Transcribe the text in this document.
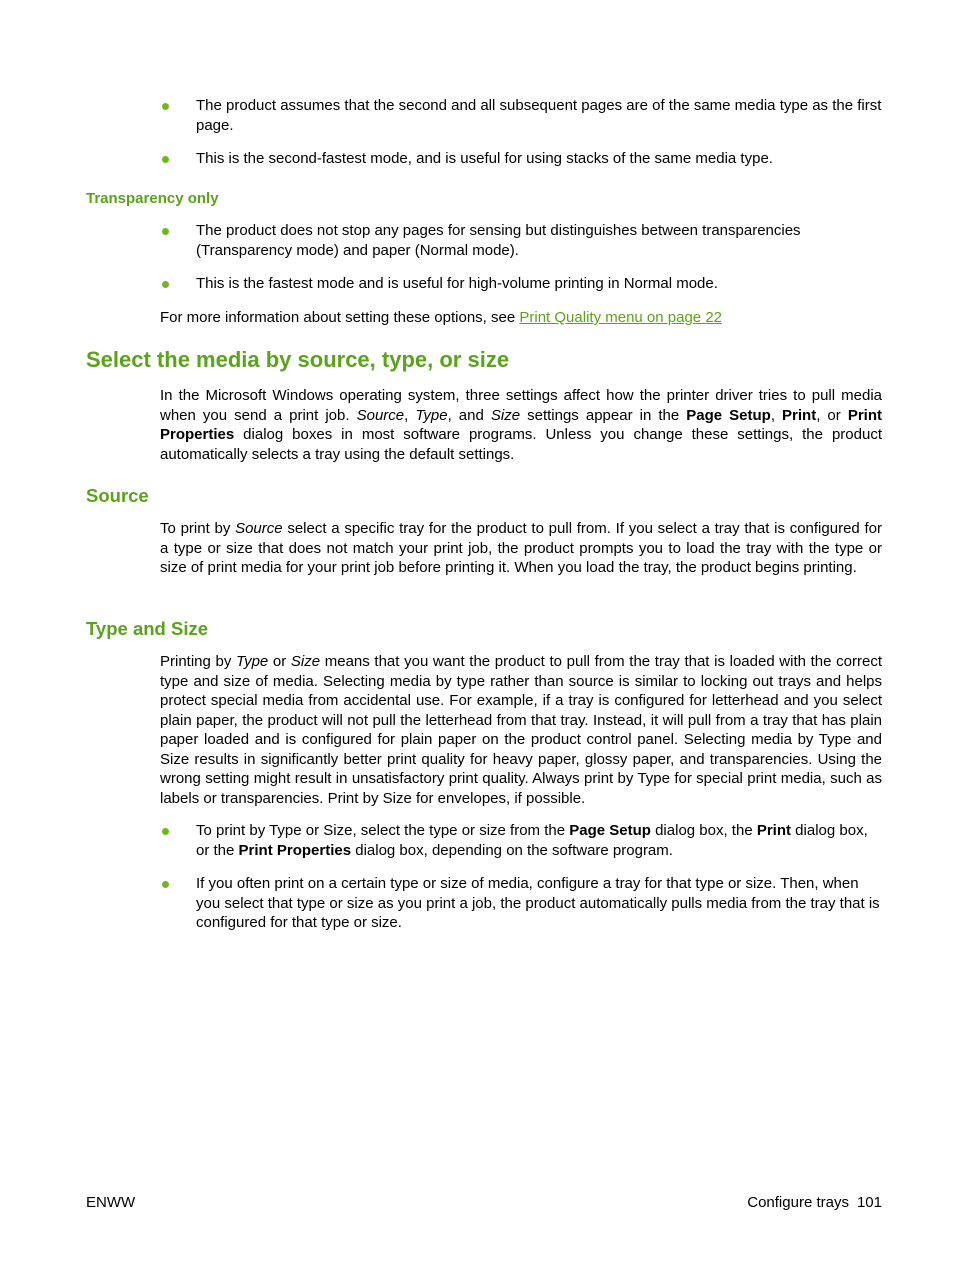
The product assumes that the second and all subsequent pages are of the same media type as the first page.
This is the second-fastest mode, and is useful for using stacks of the same media type.
Transparency only
The product does not stop any pages for sensing but distinguishes between transparencies (Transparency mode) and paper (Normal mode).
This is the fastest mode and is useful for high-volume printing in Normal mode.

For more information about setting these options, see Print Quality menu on page 22

Select the media by source, type, or size

In the Microsoft Windows operating system, three settings affect how the printer driver tries to pull media when you send a print job. Source, Type, and Size settings appear in the Page Setup, Print, or Print Properties dialog boxes in most software programs. Unless you change these settings, the product automatically selects a tray using the default settings.

Source

To print by Source select a specific tray for the product to pull from. If you select a tray that is configured for a type or size that does not match your print job, the product prompts you to load the tray with the type or size of print media for your print job before printing it. When you load the tray, the product begins printing.

Type and Size

Printing by Type or Size means that you want the product to pull from the tray that is loaded with the correct type and size of media. Selecting media by type rather than source is similar to locking out trays and helps protect special media from accidental use. For example, if a tray is configured for letterhead and you select plain paper, the product will not pull the letterhead from that tray. Instead, it will pull from a tray that has plain paper loaded and is configured for plain paper on the product control panel. Selecting media by Type and Size results in significantly better print quality for heavy paper, glossy paper, and transparencies. Using the wrong setting might result in unsatisfactory print quality. Always print by Type for special print media, such as labels or transparencies. Print by Size for envelopes, if possible.

To print by Type or Size, select the type or size from the Page Setup dialog box, the Print dialog box, or the Print Properties dialog box, depending on the software program.
If you often print on a certain type or size of media, configure a tray for that type or size. Then, when you select that type or size as you print a job, the product automatically pulls media from the tray that is configured for that type or size.
ENWW	Configure trays 101
